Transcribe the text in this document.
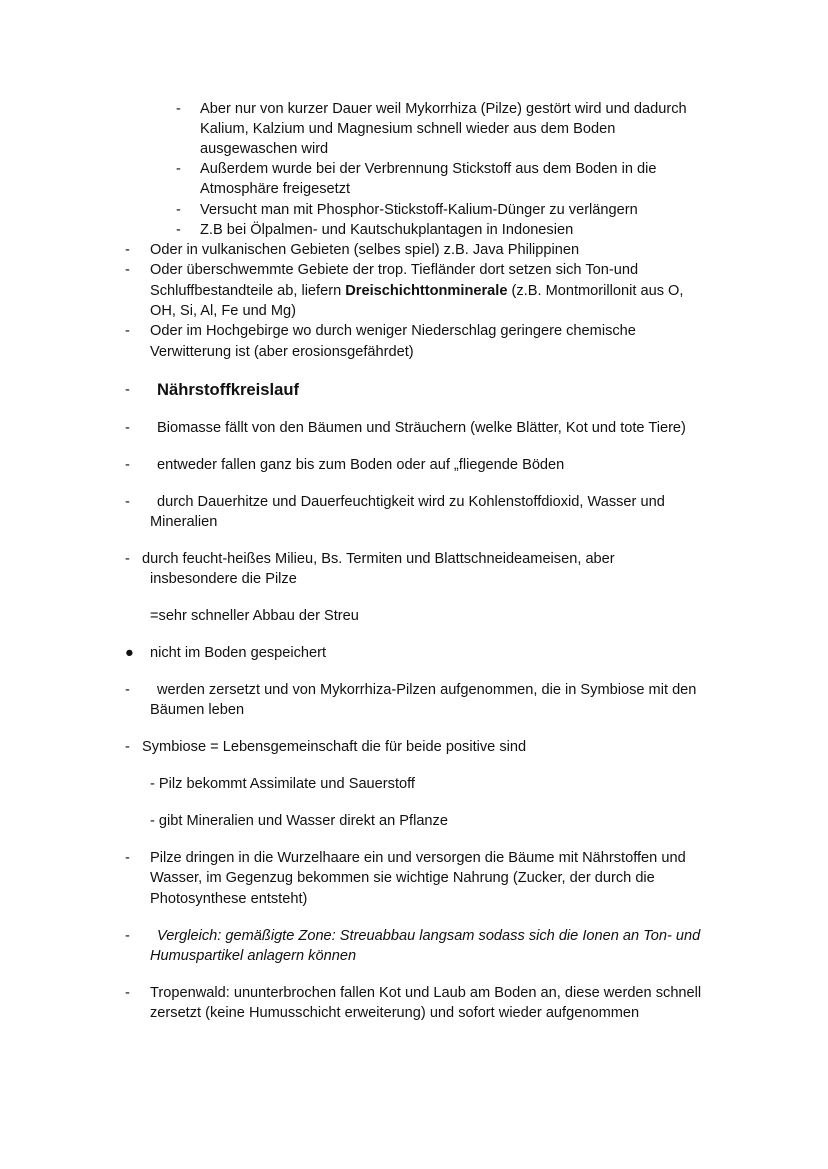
- Aber nur von kurzer Dauer weil Mykorrhiza (Pilze) gestört wird und dadurch
Kalium, Kalzium und Magnesium schnell wieder aus dem Boden
ausgewaschen wird
- Außerdem wurde bei der Verbrennung Stickstoff aus dem Boden in die
Atmosphäre freigesetzt
- Versucht man mit Phosphor-Stickstoff-Kalium-Dünger zu verlängern
- Z.B bei Ölpalmen- und Kautschukplantagen in Indonesien
- Oder in vulkanischen Gebieten (selbes spiel) z.B. Java Philippinen
- Oder überschwemmte Gebiete der trop. Tiefländer dort setzen sich Ton-und
Schluffbestandteile ab, liefern Dreischichttonminerale (z.B. Montmorillonit aus O,
OH, Si, Al, Fe und Mg)
- Oder im Hochgebirge wo durch weniger Niederschlag geringere chemische
Verwitterung ist (aber erosionsgefährdet)
- Nährstoffkreislauf
- Biomasse fällt von den Bäumen und Sträuchern (welke Blätter, Kot und tote Tiere)
- entweder fallen ganz bis zum Boden oder auf „fliegende Böden
- durch Dauerhitze und Dauerfeuchtigkeit wird zu Kohlenstoffdioxid, Wasser und
Mineralien
- durch feucht-heißes Milieu, Bs. Termiten und Blattschneideameisen, aber
insbesondere die Pilze
=sehr schneller Abbau der Streu
● nicht im Boden gespeichert
- werden zersetzt und von Mykorrhiza-Pilzen aufgenommen, die in Symbiose mit den
Bäumen leben
- Symbiose = Lebensgemeinschaft die für beide positive sind
- Pilz bekommt Assimilate und Sauerstoff
- gibt Mineralien und Wasser direkt an Pflanze
- Pilze dringen in die Wurzelhaare ein und versorgen die Bäume mit Nährstoffen und
Wasser, im Gegenzug bekommen sie wichtige Nahrung (Zucker, der durch die
Photosynthese entsteht)
- Vergleich: gemäßigte Zone: Streuabbau langsam sodass sich die Ionen an Ton- und
Humuspartikel anlagern können
- Tropenwald: ununterbrochen fallen Kot und Laub am Boden an, diese werden schnell
zersetzt (keine Humusschicht erweiterung) und sofort wieder aufgenommen
